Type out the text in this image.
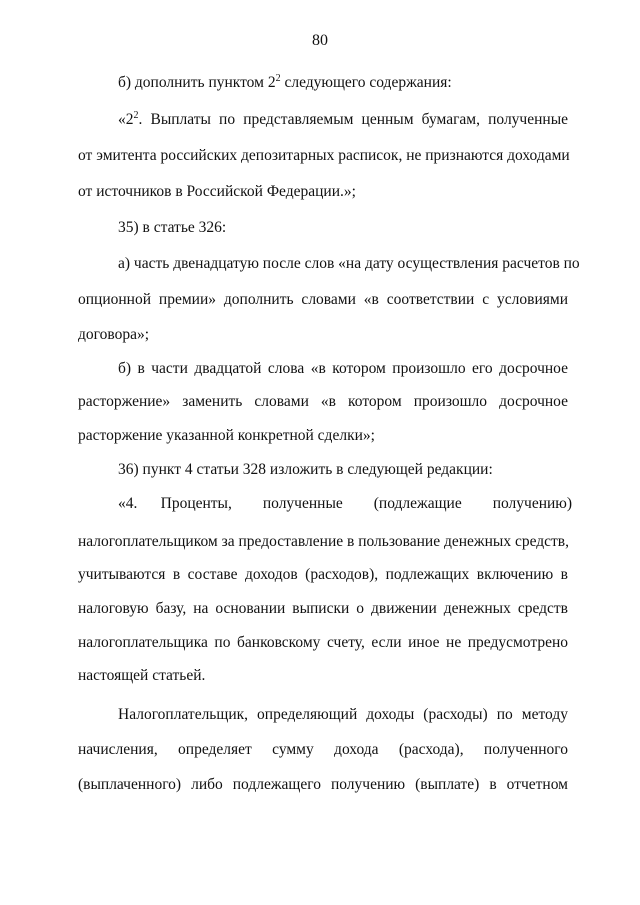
80
б) дополнить пунктом $2^2$ следующего содержания:
«$2^2$. Выплаты по представляемым ценным бумагам, полученные
от эмитента российских депозитарных расписок, не признаются доходами
от источников в Российской Федерации.»;
35) в статье 326:
а) часть двенадцатую после слов «на дату осуществления расчетов по
опционной премии» дополнить словами «в соответствии с условиями
договора»;
б) в части двадцатой слова «в котором произошло его досрочное
расторжение» заменить словами «в котором произошло досрочное
расторжение указанной конкретной сделки»;
36) пункт 4 статьи 328 изложить в следующей редакции:
«4.      Проценты,        полученные        (подлежащие        получению)
налогоплательщиком за предоставление в пользование денежных средств,
учитываются в составе доходов (расходов), подлежащих включению в
налоговую базу, на основании выписки о движении денежных средств
налогоплательщика по банковскому счету, если иное не предусмотрено
настоящей статьей.
Налогоплательщик, определяющий доходы (расходы) по методу
начисления,    определяет    сумму    дохода    (расхода),    полученного
(выплаченного) либо подлежащего получению (выплате) в отчетном
